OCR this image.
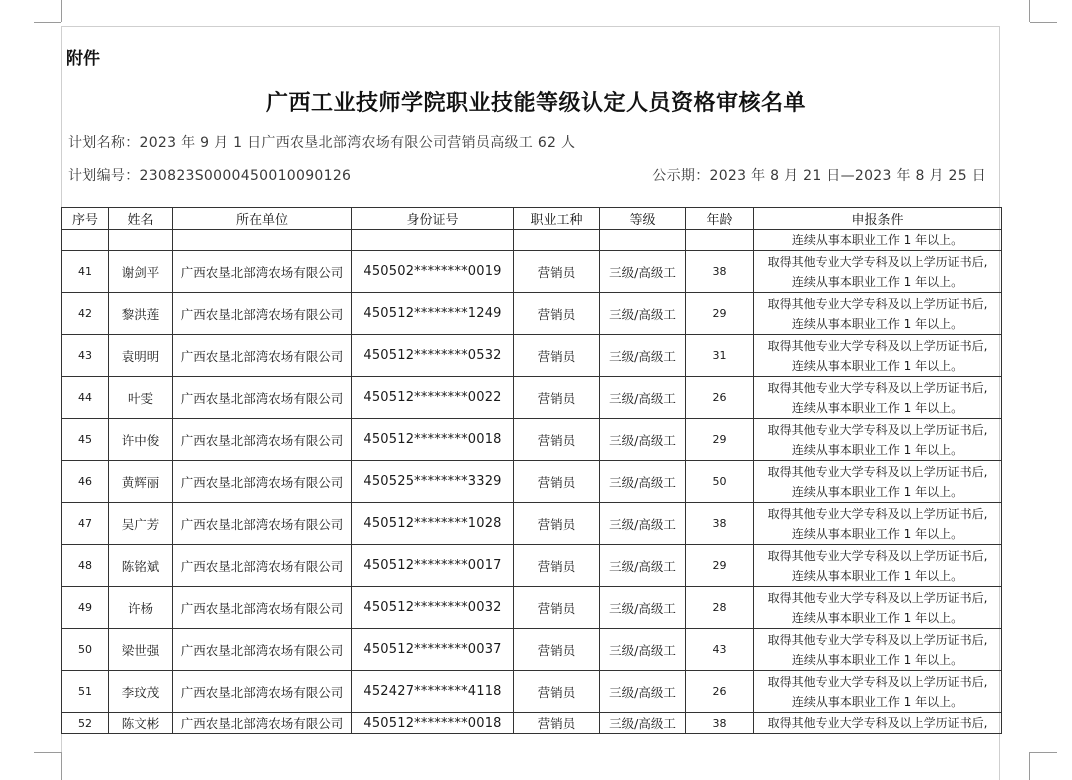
附件
广西工业技师学院职业技能等级认定人员资格审核名单
计划名称：2023 年 9 月 1 日广西农垦北部湾农场有限公司营销员高级工 62 人
计划编号：230823S0000450010090126	公示期：2023 年 8 月 21 日—2023 年 8 月 25 日
序号	姓名	所在单位	身份证号	职业工种	等级	年龄	申报条件
							连续从事本职业工作 1 年以上。
41	谢剑平	广西农垦北部湾农场有限公司	450502********0019	营销员	三级/高级工	38	取得其他专业大学专科及以上学历证书后,
连续从事本职业工作 1 年以上。

42	黎洪莲	广西农垦北部湾农场有限公司	450512********1249	营销员	三级/高级工	29	取得其他专业大学专科及以上学历证书后,
连续从事本职业工作 1 年以上。

43	袁明明	广西农垦北部湾农场有限公司	450512********0532	营销员	三级/高级工	31	取得其他专业大学专科及以上学历证书后,
连续从事本职业工作 1 年以上。

44	叶雯	广西农垦北部湾农场有限公司	450512********0022	营销员	三级/高级工	26	取得其他专业大学专科及以上学历证书后,
连续从事本职业工作 1 年以上。

45	许中俊	广西农垦北部湾农场有限公司	450512********0018	营销员	三级/高级工	29	取得其他专业大学专科及以上学历证书后,
连续从事本职业工作 1 年以上。

46	黄辉丽	广西农垦北部湾农场有限公司	450525********3329	营销员	三级/高级工	50	取得其他专业大学专科及以上学历证书后,
连续从事本职业工作 1 年以上。

47	吴广芳	广西农垦北部湾农场有限公司	450512********1028	营销员	三级/高级工	38	取得其他专业大学专科及以上学历证书后,
连续从事本职业工作 1 年以上。

48	陈铭斌	广西农垦北部湾农场有限公司	450512********0017	营销员	三级/高级工	29	取得其他专业大学专科及以上学历证书后,
连续从事本职业工作 1 年以上。

49	许杨	广西农垦北部湾农场有限公司	450512********0032	营销员	三级/高级工	28	取得其他专业大学专科及以上学历证书后,
连续从事本职业工作 1 年以上。

50	梁世强	广西农垦北部湾农场有限公司	450512********0037	营销员	三级/高级工	43	取得其他专业大学专科及以上学历证书后,
连续从事本职业工作 1 年以上。

51	李玟茂	广西农垦北部湾农场有限公司	452427********4118	营销员	三级/高级工	26	取得其他专业大学专科及以上学历证书后,
连续从事本职业工作 1 年以上。

52	陈文彬	广西农垦北部湾农场有限公司	450512********0018	营销员	三级/高级工	38	取得其他专业大学专科及以上学历证书后,
